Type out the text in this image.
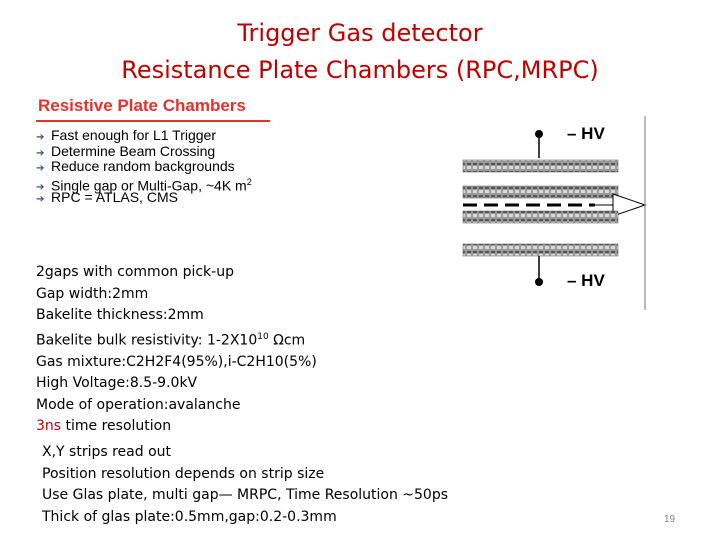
Trigger Gas detector
Resistance Plate Chambers (RPC,MRPC)
Resistive Plate Chambers
➔ Fast enough for L1 Trigger
➔ Determine Beam Crossing
➔ Reduce random backgrounds
➔ Single gap or Multi-Gap, ~4K $m^2$
➔ RPC = ATLAS, CMS
– HV
– HV
2gaps with common pick-up
Gap width:2mm
Bakelite thickness:2mm
Bakelite bulk resistivity: $1-2X10^{10}$ Ωcm
Gas mixture:C2H2F4(95%),i-C2H10(5%)
High Voltage:8.5-9.0kV
Mode of operation:avalanche
3ns time resolution
X,Y strips read out
Position resolution depends on strip size
Use Glas plate, multi gap— MRPC, Time Resolution ~50ps
Thick of glas plate:0.5mm,gap:0.2-0.3mm	19
